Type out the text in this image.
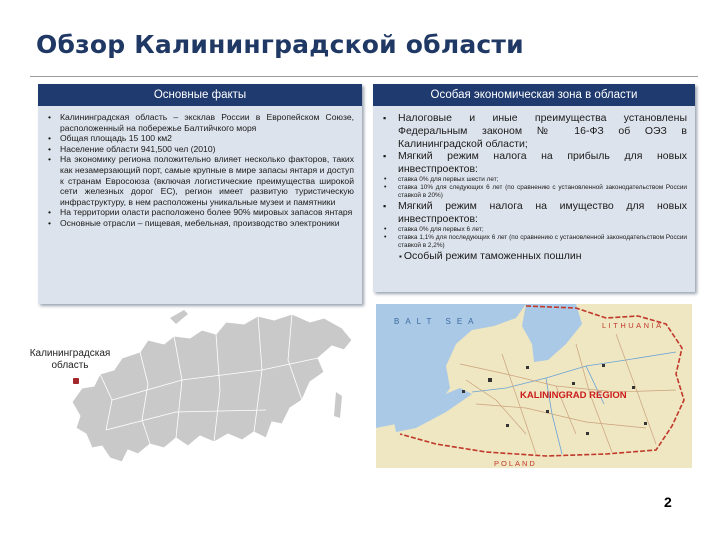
Обзор Калининградской области
Основные факты
• Калининградская область – эксклав России в Европейском Союзе, расположенный на побережье Балтийчкого моря
• Общая площадь 15 100 км2
• Население области 941,500 чел (2010)
• На экономику региона положительно влияет несколько факторов, таких как незамерзающий порт, самые крупные в мире запасы янтаря и доступ к странам Евросоюза (включая логистические преимущества широкой сети железных дорог ЕС), регион имеет развитую туристическую инфраструктуру, в нем расположены уникальные музеи и памятники
• На территории оласти расположено более 90% мировых запасов янтаря
• Основные отрасли – пищевая, мебельная, производство электроники
Особая экономическая зона в области
▪ Налоговые и иные преимущества установлены Федеральным законом № 16-ФЗ об ОЭЗ в Калининградской области;
▪ Мягкий режим налога на прибыль для новых инвестпроектов:
• ставка 0% для первых шести лет;
• ставка 10% для следующих 6 лет (по сравнению с установленной законодательством России ставкой в 20%)
▪ Мягкий режим налога на имущество для новых инвестпроектов:
• ставка 0% для первых 6 лет;
• ставка 1,1% для последующих 6 лет (по сравнению с установленной законодательством России ставкой в 2,2%)
▪ Особый режим таможенных пошлин
Калининградская область
BALT SEA	LITHUANIA
KALININGRAD REGION
POLAND
2
